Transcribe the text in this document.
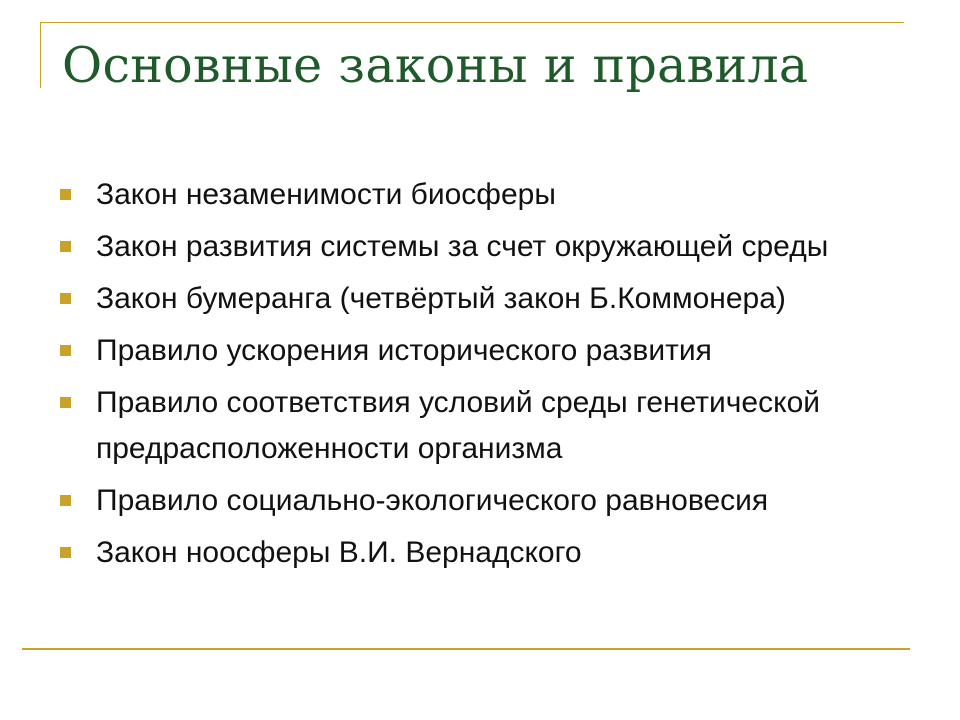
Основные законы и правила
Закон незаменимости биосферы
Закон развития системы за счет окружающей среды
Закон бумеранга (четвёртый закон Б.Коммонера)
Правило ускорения исторического развития
Правило соответствия условий среды генетической предрасположенности организма
Правило социально-экологического равновесия
Закон ноосферы В.И. Вернадского
